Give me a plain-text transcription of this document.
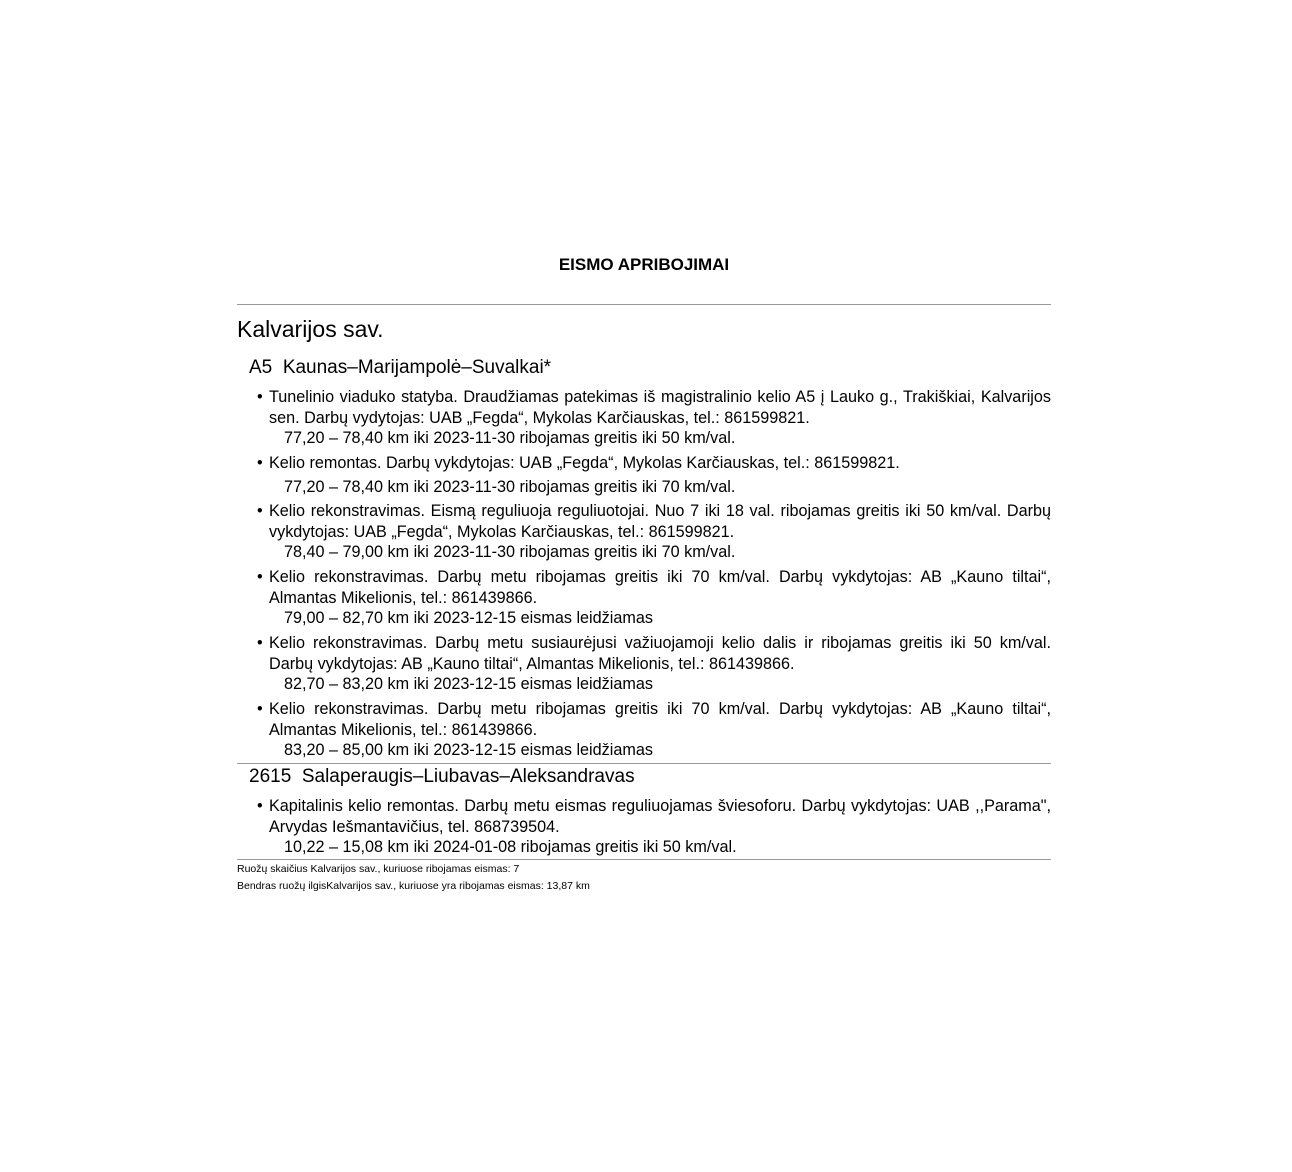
EISMO APRIBOJIMAI
Kalvarijos sav.
A5 Kaunas–Marijampolė–Suvalkai*
• Tunelinio viaduko statyba. Draudžiamas patekimas iš magistralinio kelio A5 į Lauko g., Trakiškiai, Kalvarijos sen. Darbų vydytojas: UAB „Fegda“, Mykolas Karčiauskas, tel.: 861599821.
77,20 – 78,40 km iki 2023-11-30 ribojamas greitis iki 50 km/val.
• Kelio remontas. Darbų vykdytojas: UAB „Fegda“, Mykolas Karčiauskas, tel.: 861599821.
77,20 – 78,40 km iki 2023-11-30 ribojamas greitis iki 70 km/val.
• Kelio rekonstravimas. Eismą reguliuoja reguliuotojai. Nuo 7 iki 18 val. ribojamas greitis iki 50 km/val. Darbų vykdytojas: UAB „Fegda“, Mykolas Karčiauskas, tel.: 861599821.
78,40 – 79,00 km iki 2023-11-30 ribojamas greitis iki 70 km/val.
• Kelio rekonstravimas. Darbų metu ribojamas greitis iki 70 km/val. Darbų vykdytojas: AB „Kauno tiltai“, Almantas Mikelionis, tel.: 861439866.
79,00 – 82,70 km iki 2023-12-15 eismas leidžiamas
• Kelio rekonstravimas. Darbų metu susiaurėjusi važiuojamoji kelio dalis ir ribojamas greitis iki 50 km/val. Darbų vykdytojas: AB „Kauno tiltai“, Almantas Mikelionis, tel.: 861439866.
82,70 – 83,20 km iki 2023-12-15 eismas leidžiamas
• Kelio rekonstravimas. Darbų metu ribojamas greitis iki 70 km/val. Darbų vykdytojas: AB „Kauno tiltai“, Almantas Mikelionis, tel.: 861439866.
83,20 – 85,00 km iki 2023-12-15 eismas leidžiamas
2615 Salaperaugis–Liubavas–Aleksandravas
• Kapitalinis kelio remontas. Darbų metu eismas reguliuojamas šviesoforu. Darbų vykdytojas: UAB ,,Parama", Arvydas Iešmantavičius, tel. 868739504.
10,22 – 15,08 km iki 2024-01-08 ribojamas greitis iki 50 km/val.
Ruožų skaičius Kalvarijos sav., kuriuose ribojamas eismas: 7
Bendras ruožų ilgisKalvarijos sav., kuriuose yra ribojamas eismas: 13,87 km
